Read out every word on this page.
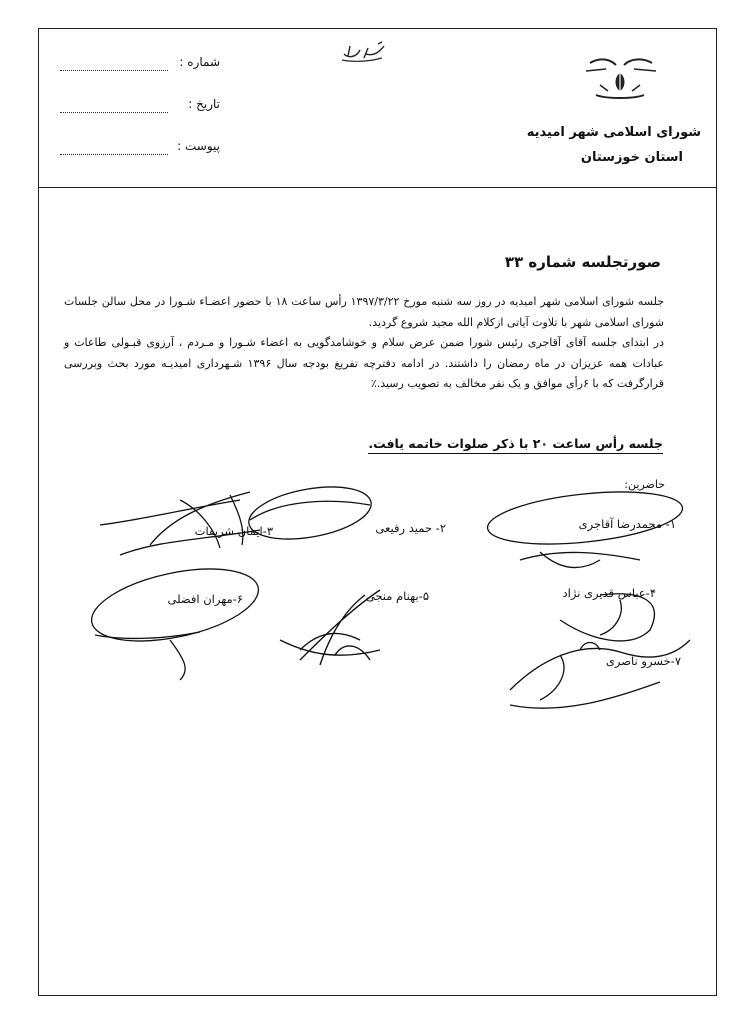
شماره :
تاریخ :
پیوست :
شورای اسلامی شهر امیدیه
استان خوزستان
صورتجلسه شماره ۳۳

جلسه شورای اسلامی شهر امیدیه در روز سه شنبه مورخ ۱۳۹۷/۳/۲۲ رأس ساعت ۱۸ با حضور اعضـاء شـورا در محل سالن جلسات شورای اسلامی شهر با تلاوت آیاتی ازکلام الله مجید شروع گردید.

در ابتدای جلسه آقای آقاجری رئیس شورا ضمن عرض سلام و خوشامدگویی به اعضاء شـورا و مـردم ، آرزوی قبـولی طاعات و عبادات همه عزیزان در ماه رمضان را داشتند. در ادامه دفترچه تفریغ بودجه سال ۱۳۹۶ شـهرداری امیدیـه مورد بحث وبررسی قرارگرفت که با ۶رأی موافق و یک نفر مخالف به تصویب رسید.٪

جلسه رأس ساعت ۲۰ با ذکر صلوات خاتمه یافت.
حاضرین:
۱- محمدرضا آقاجری
۲- حمید رفیعی
۳-ایمان شریفات
۴-عباس قدیری نژاد
۵-بهنام منجی
۶-مهران افضلی
۷-خسرو ناصری
